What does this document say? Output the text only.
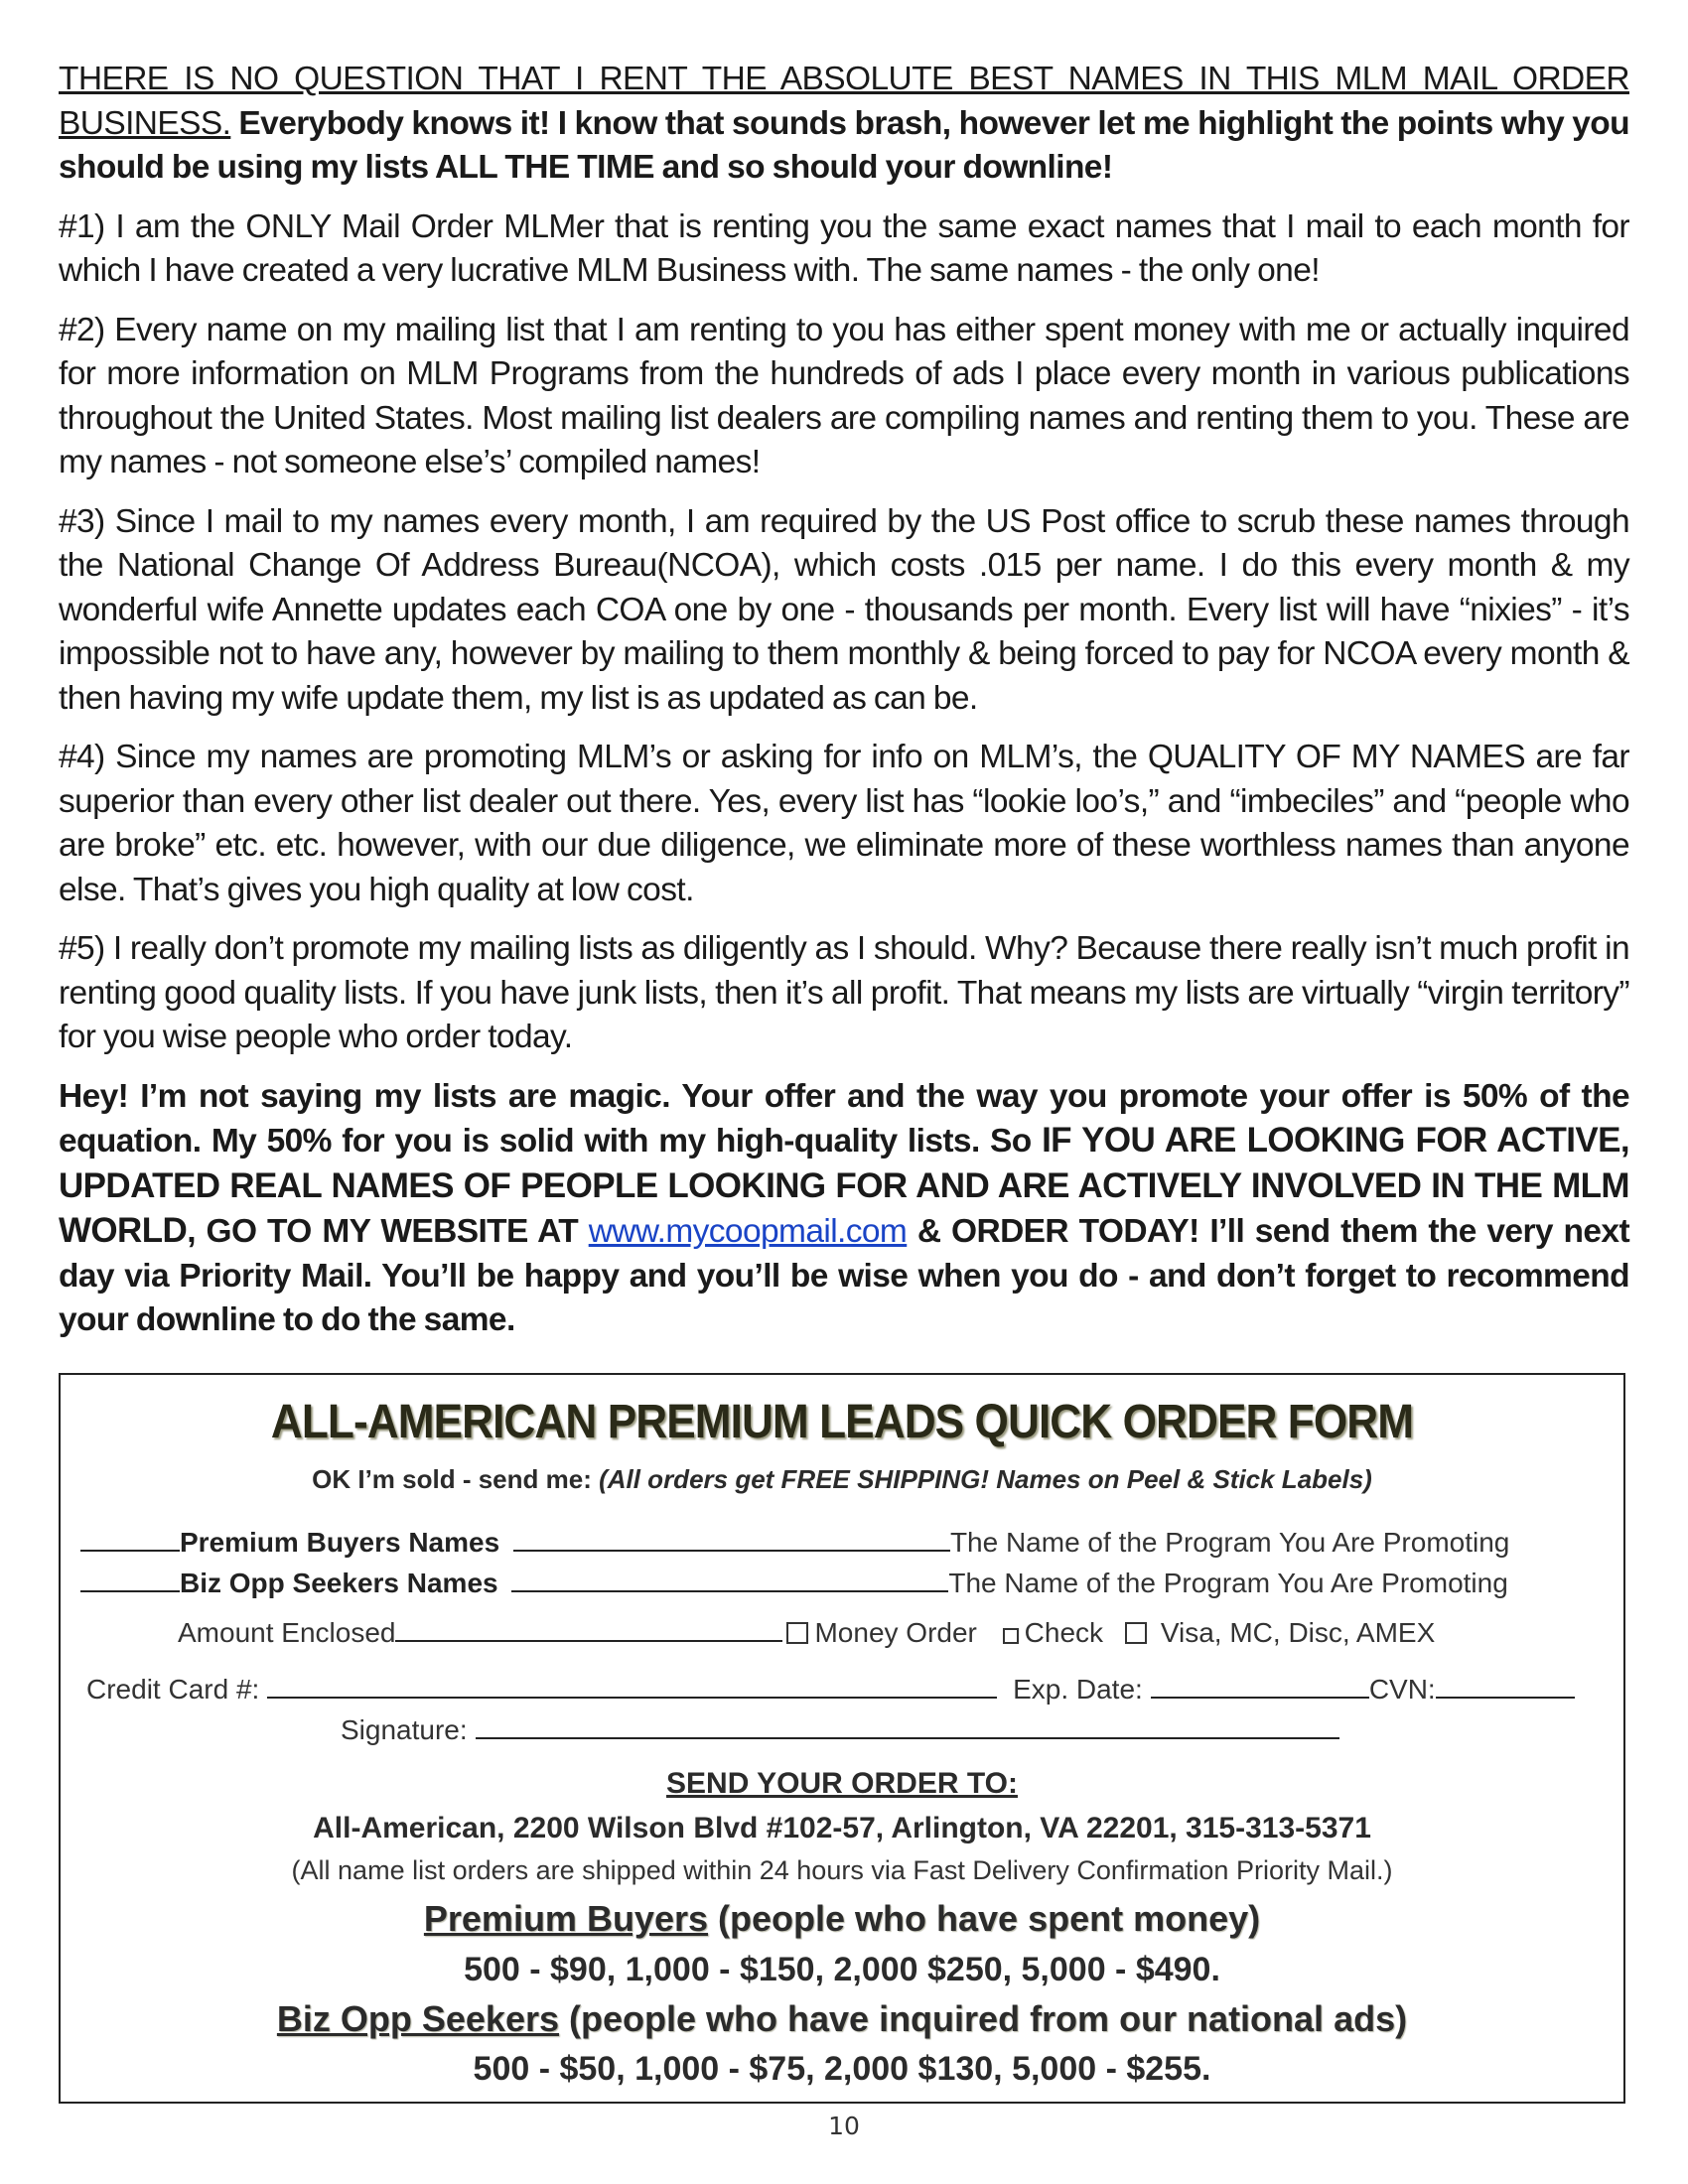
THERE IS NO QUESTION THAT I RENT THE ABSOLUTE BEST NAMES IN THIS MLM MAIL ORDER BUSINESS. Everybody knows it! I know that sounds brash, however let me highlight the points why you should be using my lists ALL THE TIME and so should your downline!

#1) I am the ONLY Mail Order MLMer that is renting you the same exact names that I mail to each month for which I have created a very lucrative MLM Business with. The same names - the only one!

#2) Every name on my mailing list that I am renting to you has either spent money with me or actually inquired for more information on MLM Programs from the hundreds of ads I place every month in various publications throughout the United States. Most mailing list dealers are compiling names and renting them to you. These are my names - not someone else’s’ compiled names!

#3) Since I mail to my names every month, I am required by the US Post office to scrub these names through the National Change Of Address Bureau(NCOA), which costs .015 per name. I do this every month & my wonderful wife Annette updates each COA one by one - thousands per month. Every list will have “nixies” - it’s impossible not to have any, however by mailing to them monthly & being forced to pay for NCOA every month & then having my wife update them, my list is as updated as can be.

#4) Since my names are promoting MLM’s or asking for info on MLM’s, the QUALITY OF MY NAMES are far superior than every other list dealer out there. Yes, every list has “lookie loo’s,” and “imbeciles” and “people who are broke” etc. etc. however, with our due diligence, we eliminate more of these worthless names than anyone else. That’s gives you high quality at low cost.

#5) I really don’t promote my mailing lists as diligently as I should. Why? Because there really isn’t much profit in renting good quality lists. If you have junk lists, then it’s all profit. That means my lists are virtually “virgin territory” for you wise people who order today.

Hey! I’m not saying my lists are magic. Your offer and the way you promote your offer is 50% of the equation. My 50% for you is solid with my high-quality lists. So IF YOU ARE LOOKING FOR ACTIVE, UPDATED REAL NAMES OF PEOPLE LOOKING FOR AND ARE ACTIVELY INVOLVED IN THE MLM WORLD, GO TO MY WEBSITE AT www.mycoopmail.com & ORDER TODAY! I’ll send them the very next day via Priority Mail. You’ll be happy and you’ll be wise when you do - and don’t forget to recommend your downline to do the same.

ALL-AMERICAN PREMIUM LEADS QUICK ORDER FORM
OK I’m sold - send me: (All orders get FREE SHIPPING! Names on Peel & Stick Labels)
Premium Buyers Names	The Name of the Program You Are Promoting
Biz Opp Seekers Names	The Name of the Program You Are Promoting
Amount Enclosed	Money Order Check Visa, MC, Disc, AMEX
Credit Card #:	Exp. Date:	CVN:
Signature:
SEND YOUR ORDER TO:
All-American, 2200 Wilson Blvd #102-57, Arlington, VA 22201, 315-313-5371
(All name list orders are shipped within 24 hours via Fast Delivery Confirmation Priority Mail.)
Premium Buyers (people who have spent money)
500 - $90, 1,000 - $150, 2,000 $250, 5,000 - $490.
Biz Opp Seekers (people who have inquired from our national ads)
500 - $50, 1,000 - $75, 2,000 $130, 5,000 - $255.
10
